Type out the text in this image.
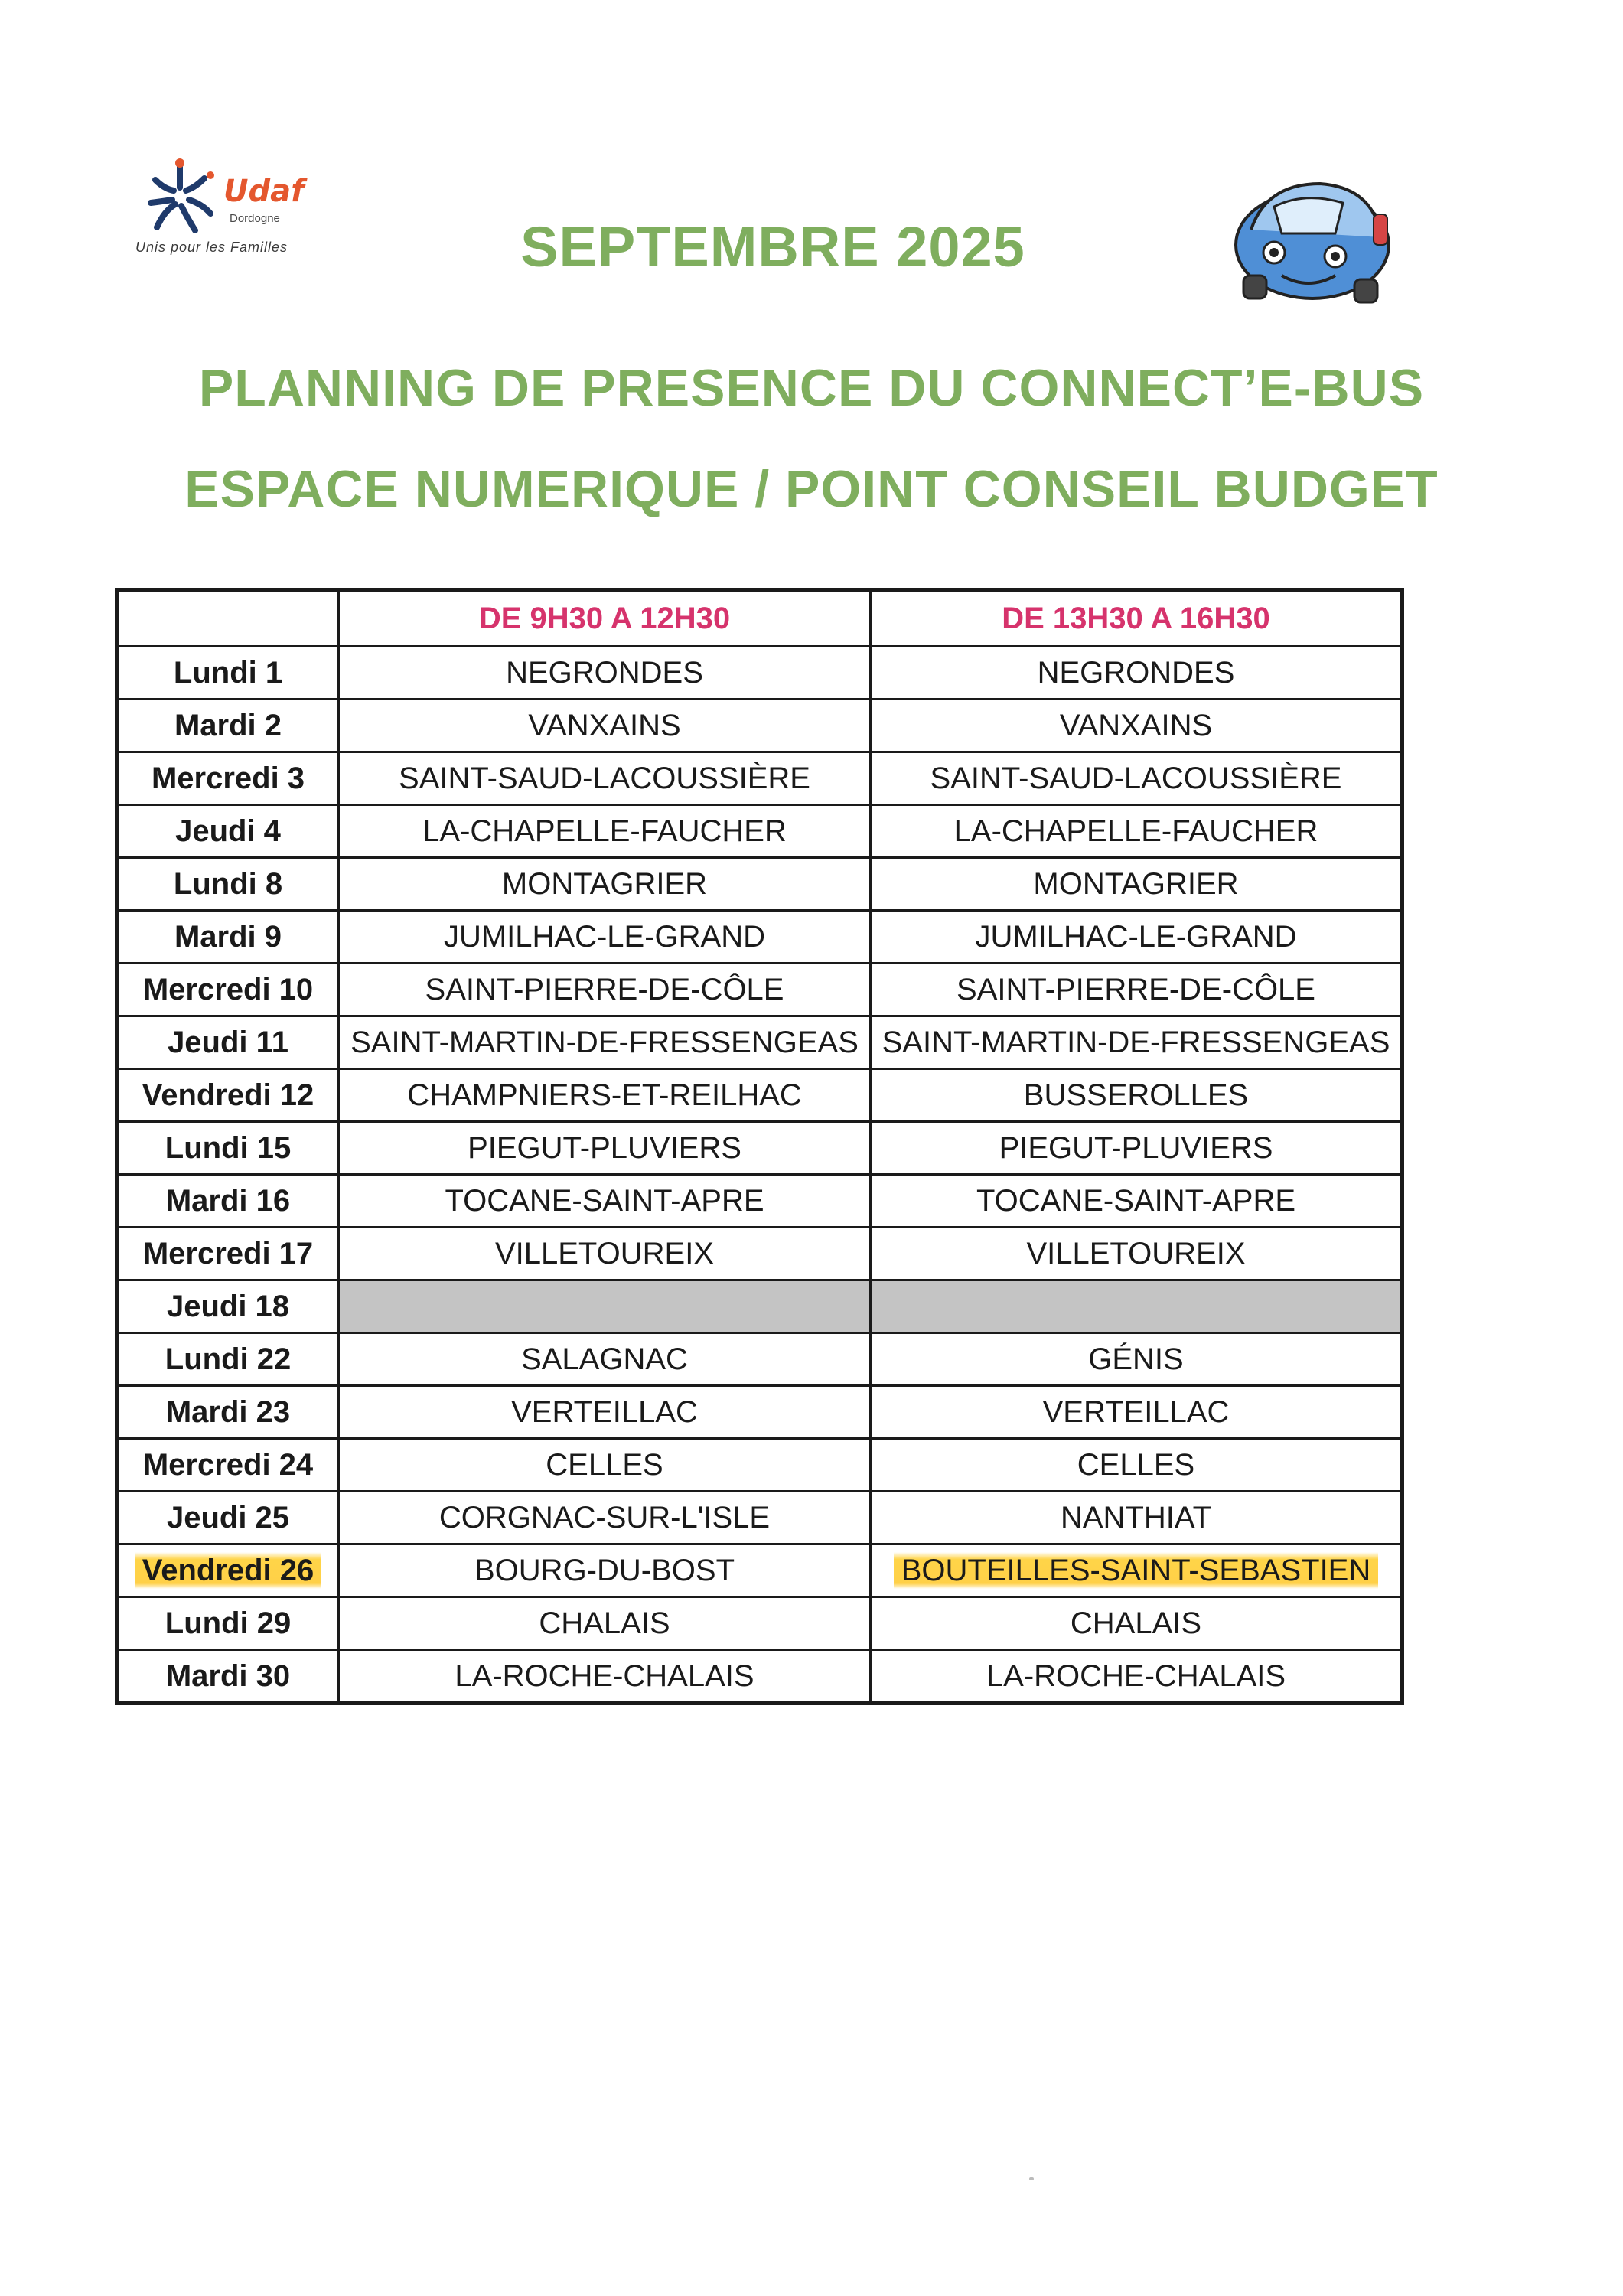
Udaf
Dordogne
Unis pour les Familles	SEPTEMBRE 2025
PLANNING DE PRESENCE DU CONNECT’E-BUS
ESPACE NUMERIQUE / POINT CONSEIL BUDGET
	DE 9H30 A 12H30	DE 13H30 A 16H30
Lundi 1	NEGRONDES	NEGRONDES
Mardi 2	VANXAINS	VANXAINS
Mercredi 3	SAINT-SAUD-LACOUSSIÈRE	SAINT-SAUD-LACOUSSIÈRE
Jeudi 4	LA-CHAPELLE-FAUCHER	LA-CHAPELLE-FAUCHER
Lundi 8	MONTAGRIER	MONTAGRIER
Mardi 9	JUMILHAC-LE-GRAND	JUMILHAC-LE-GRAND
Mercredi 10	SAINT-PIERRE-DE-CÔLE	SAINT-PIERRE-DE-CÔLE
Jeudi 11	SAINT-MARTIN-DE-FRESSENGEAS	SAINT-MARTIN-DE-FRESSENGEAS
Vendredi 12	CHAMPNIERS-ET-REILHAC	BUSSEROLLES
Lundi 15	PIEGUT-PLUVIERS	PIEGUT-PLUVIERS
Mardi 16	TOCANE-SAINT-APRE	TOCANE-SAINT-APRE
Mercredi 17	VILLETOUREIX	VILLETOUREIX
Jeudi 18		
Lundi 22	SALAGNAC	GÉNIS
Mardi 23	VERTEILLAC	VERTEILLAC
Mercredi 24	CELLES	CELLES
Jeudi 25	CORGNAC-SUR-L'ISLE	NANTHIAT
Vendredi 26	BOURG-DU-BOST	BOUTEILLES-SAINT-SEBASTIEN
Lundi 29	CHALAIS	CHALAIS
Mardi 30	LA-ROCHE-CHALAIS	LA-ROCHE-CHALAIS
